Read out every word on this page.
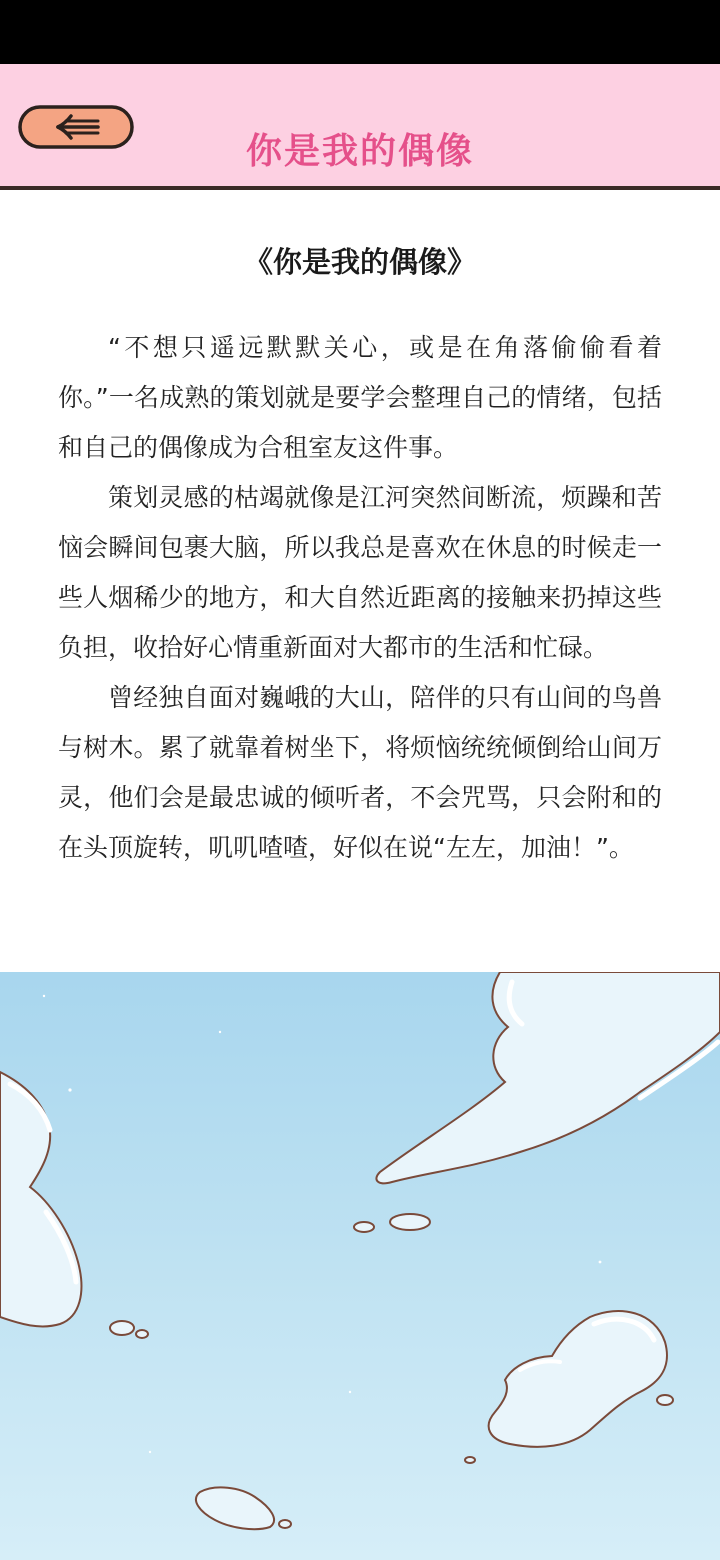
你是我的偶像
《你是我的偶像》

“不想只遥远默默关心，或是在角落偷偷看着你。”一名成熟的策划就是要学会整理自己的情绪，包括和自己的偶像成为合租室友这件事。

策划灵感的枯竭就像是江河突然间断流，烦躁和苦恼会瞬间包裹大脑，所以我总是喜欢在休息的时候走一些人烟稀少的地方，和大自然近距离的接触来扔掉这些负担，收拾好心情重新面对大都市的生活和忙碌。

曾经独自面对巍峨的大山，陪伴的只有山间的鸟兽与树木。累了就靠着树坐下，将烦恼统统倾倒给山间万灵，他们会是最忠诚的倾听者，不会咒骂，只会附和的在头顶旋转，叽叽喳喳，好似在说“左左，加油！”。
